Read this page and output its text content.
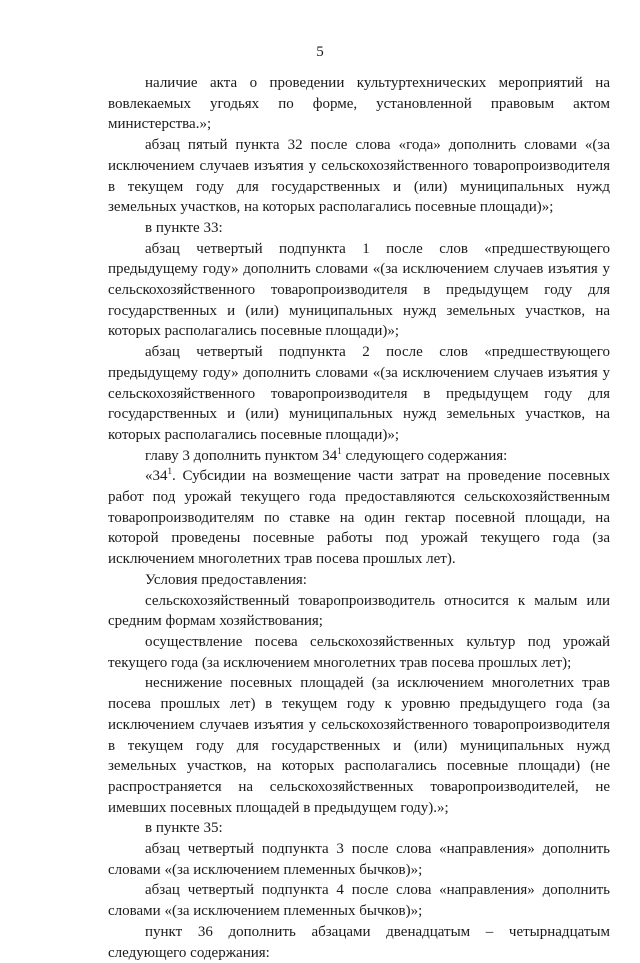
5

наличие акта о проведении культуртехнических мероприятий на вовлекаемых угодьях по форме, установленной правовым актом министерства.»;

абзац пятый пункта 32 после слова «года» дополнить словами «(за исключением случаев изъятия у сельскохозяйственного товаропроизводителя в текущем году для государственных и (или) муниципальных нужд земельных участков, на которых располагались посевные площади)»;

в пункте 33:

абзац четвертый подпункта 1 после слов «предшествующего предыдущему году» дополнить словами «(за исключением случаев изъятия у сельскохозяйственного товаропроизводителя в предыдущем году для государственных и (или) муниципальных нужд земельных участков, на которых располагались посевные площади)»;

абзац четвертый подпункта 2 после слов «предшествующего предыдущему году» дополнить словами «(за исключением случаев изъятия у сельскохозяйственного товаропроизводителя в предыдущем году для государственных и (или) муниципальных нужд земельных участков, на которых располагались посевные площади)»;

главу 3 дополнить пунктом $34^1$ следующего содержания:

«$34^1$. Субсидии на возмещение части затрат на проведение посевных работ под урожай текущего года предоставляются сельскохозяйственным товаропроизводителям по ставке на один гектар посевной площади, на которой проведены посевные работы под урожай текущего года (за исключением многолетних трав посева прошлых лет).

Условия предоставления:

сельскохозяйственный товаропроизводитель относится к малым или средним формам хозяйствования;

осуществление посева сельскохозяйственных культур под урожай текущего года (за исключением многолетних трав посева прошлых лет);

неснижение посевных площадей (за исключением многолетних трав посева прошлых лет) в текущем году к уровню предыдущего года (за исключением случаев изъятия у сельскохозяйственного товаропроизводителя в текущем году для государственных и (или) муниципальных нужд земельных участков, на которых располагались посевные площади) (не распространяется на сельскохозяйственных товаропроизводителей, не имевших посевных площадей в предыдущем году).»;

в пункте 35:

абзац четвертый подпункта 3 после слова «направления» дополнить словами «(за исключением племенных бычков)»;

абзац четвертый подпункта 4 после слова «направления» дополнить словами «(за исключением племенных бычков)»;

пункт 36 дополнить абзацами двенадцатым – четырнадцатым следующего содержания:
